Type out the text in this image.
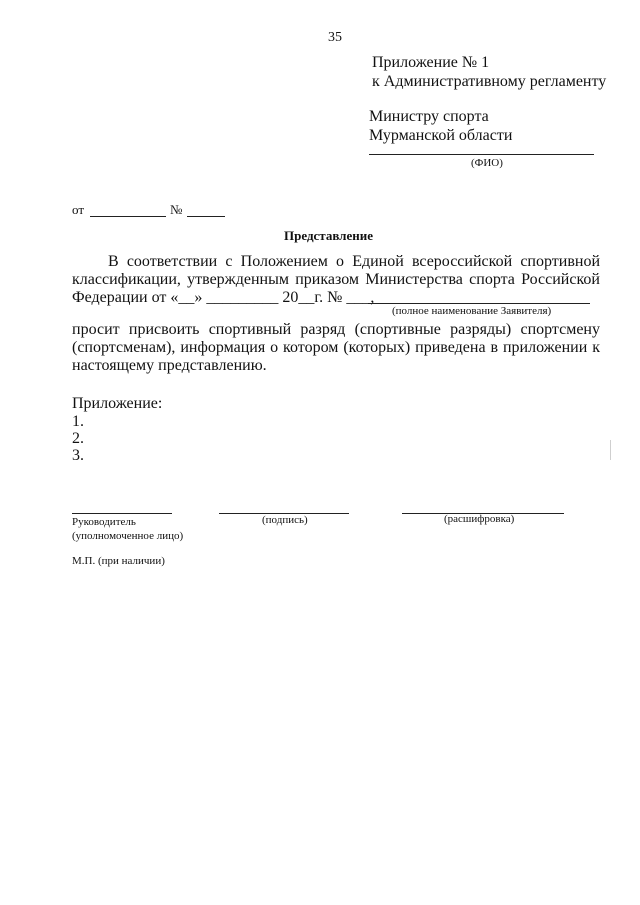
35
Приложение № 1
к Административному регламенту
Министру спорта
Мурманской области
(ФИО)
от	№
Представление
В соответствии с Положением о Единой всероссийской спортивной
классификации, утвержденным приказом Министерства спорта Российской
Федерации от «__» _________ 20__г. № ___,
(полное наименование Заявителя)
просит присвоить спортивный разряд (спортивные разряды) спортсмену
(спортсменам), информация о котором (которых) приведена в приложении к
настоящему представлению.
Приложение:
1.
2.
3.
Руководитель	(подпись)	(расшифровка)
(уполномоченное лицо)
М.П. (при наличии)
